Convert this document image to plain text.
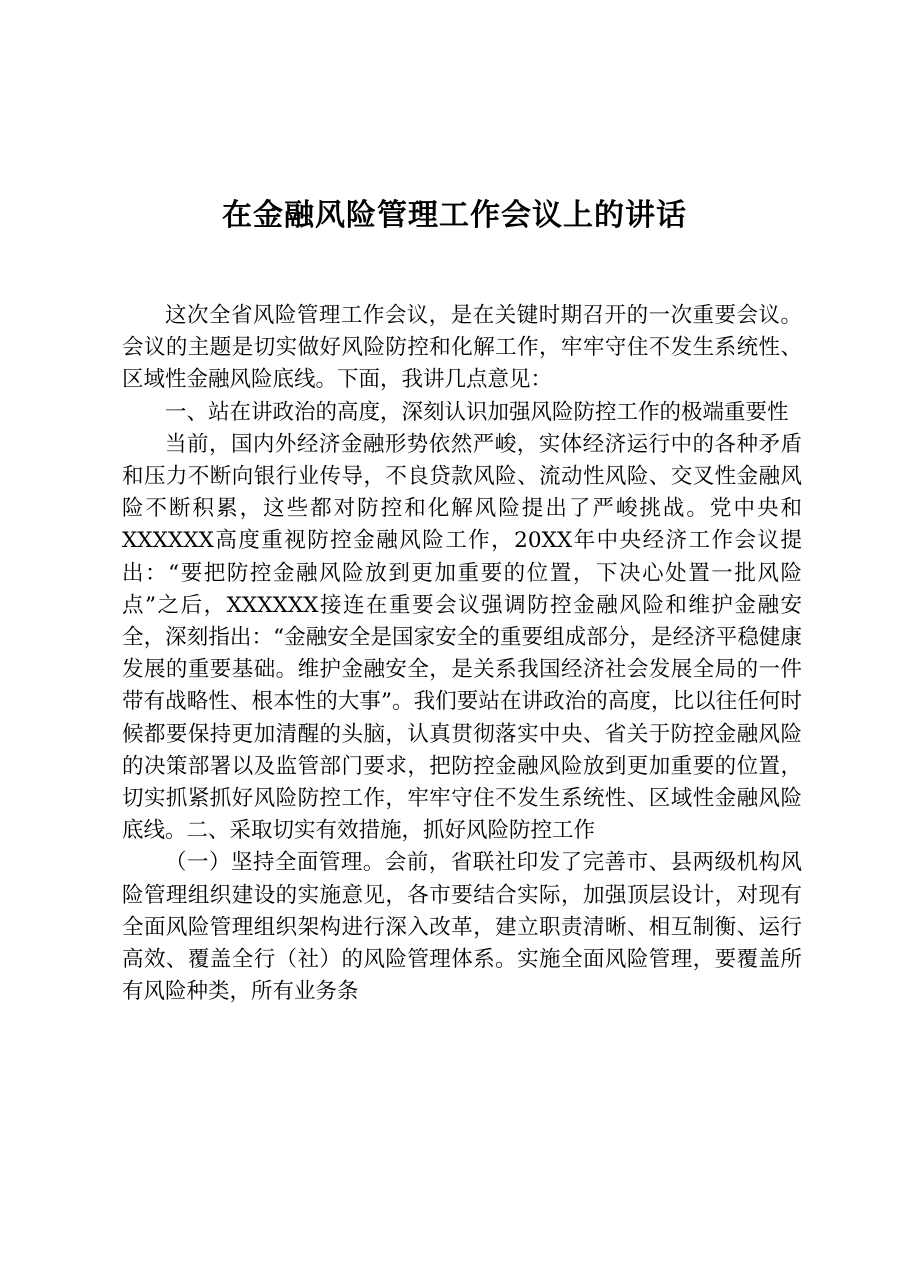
在金融风险管理工作会议上的讲话

这次全省风险管理工作会议，是在关键时期召开的一次重要会议。会议的主题是切实做好风险防控和化解工作，牢牢守住不发生系统性、区域性金融风险底线。下面，我讲几点意见：

一、站在讲政治的高度，深刻认识加强风险防控工作的极端重要性

当前，国内外经济金融形势依然严峻，实体经济运行中的各种矛盾和压力不断向银行业传导，不良贷款风险、流动性风险、交叉性金融风险不断积累，这些都对防控和化解风险提出了严峻挑战。党中央和XXXXXX高度重视防控金融风险工作，20XX年中央经济工作会议提出：“要把防控金融风险放到更加重要的位置，下决心处置一批风险点”之后，XXXXXX接连在重要会议强调防控金融风险和维护金融安全，深刻指出：“金融安全是国家安全的重要组成部分，是经济平稳健康发展的重要基础。维护金融安全，是关系我国经济社会发展全局的一件带有战略性、根本性的大事”。我们要站在讲政治的高度，比以往任何时候都要保持更加清醒的头脑，认真贯彻落实中央、省关于防控金融风险的决策部署以及监管部门要求，把防控金融风险放到更加重要的位置，切实抓紧抓好风险防控工作，牢牢守住不发生系统性、区域性金融风险底线。二、采取切实有效措施，抓好风险防控工作

（一）坚持全面管理。会前，省联社印发了完善市、县两级机构风险管理组织建设的实施意见，各市要结合实际，加强顶层设计，对现有全面风险管理组织架构进行深入改革，建立职责清晰、相互制衡、运行高效、覆盖全行（社）的风险管理体系。实施全面风险管理，要覆盖所有风险种类，所有业务条
